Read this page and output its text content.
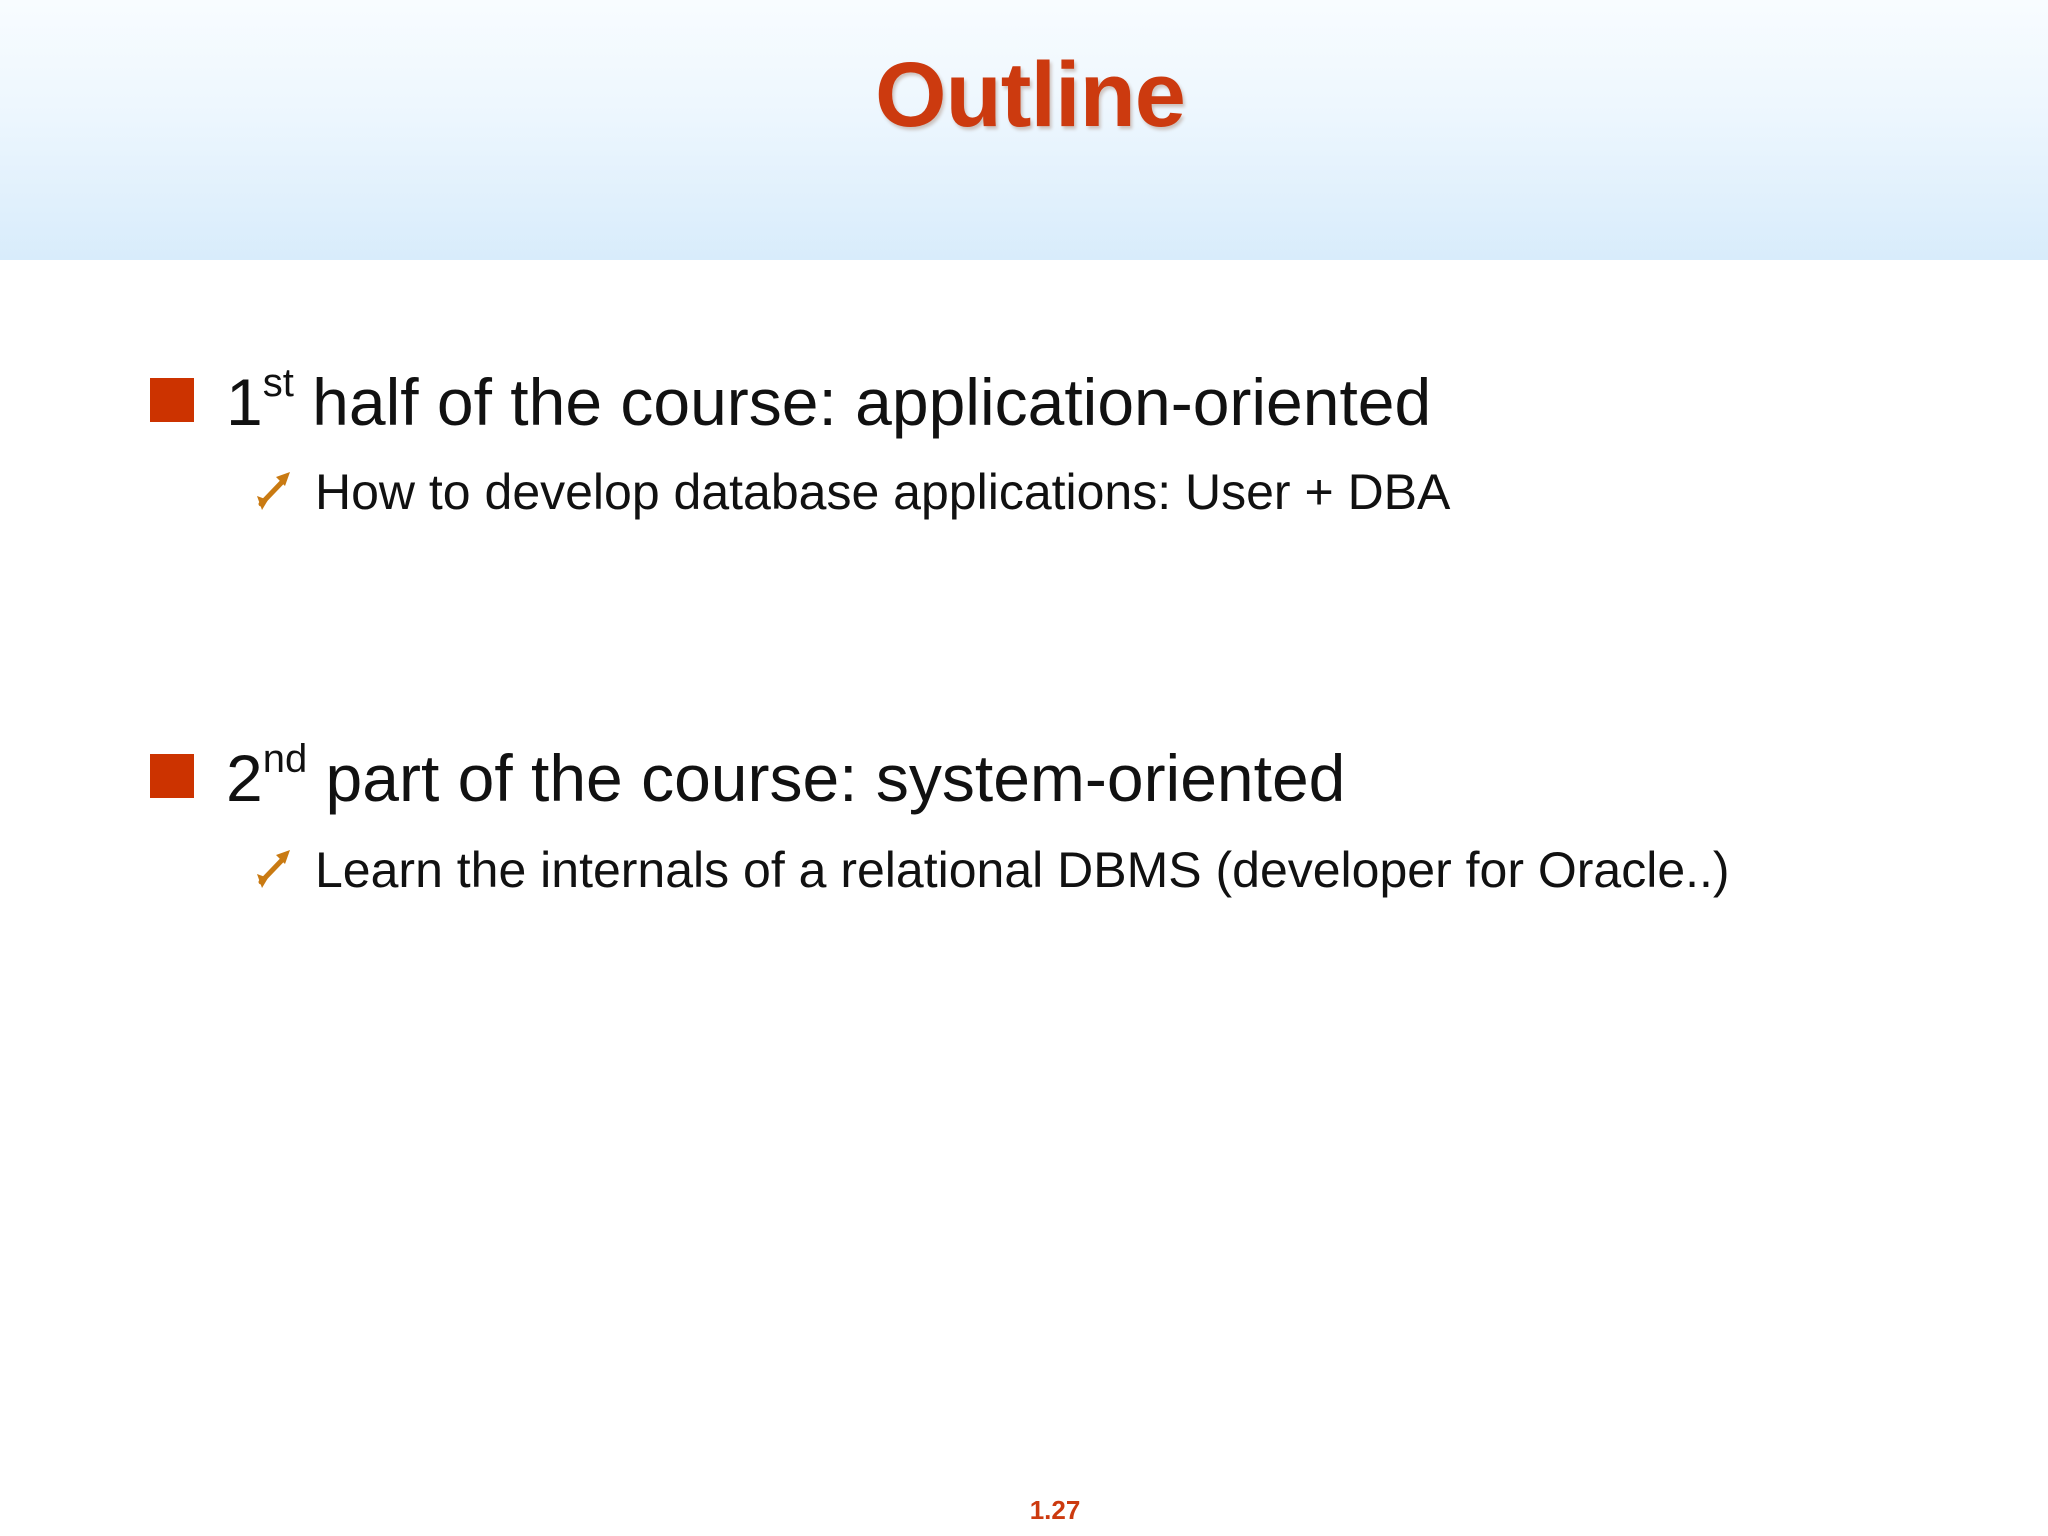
Outline
1st half of the course: application-oriented
How to develop database applications: User + DBA
2nd part of the course: system-oriented
Learn the internals of a relational DBMS (developer for Oracle..)
1.27
